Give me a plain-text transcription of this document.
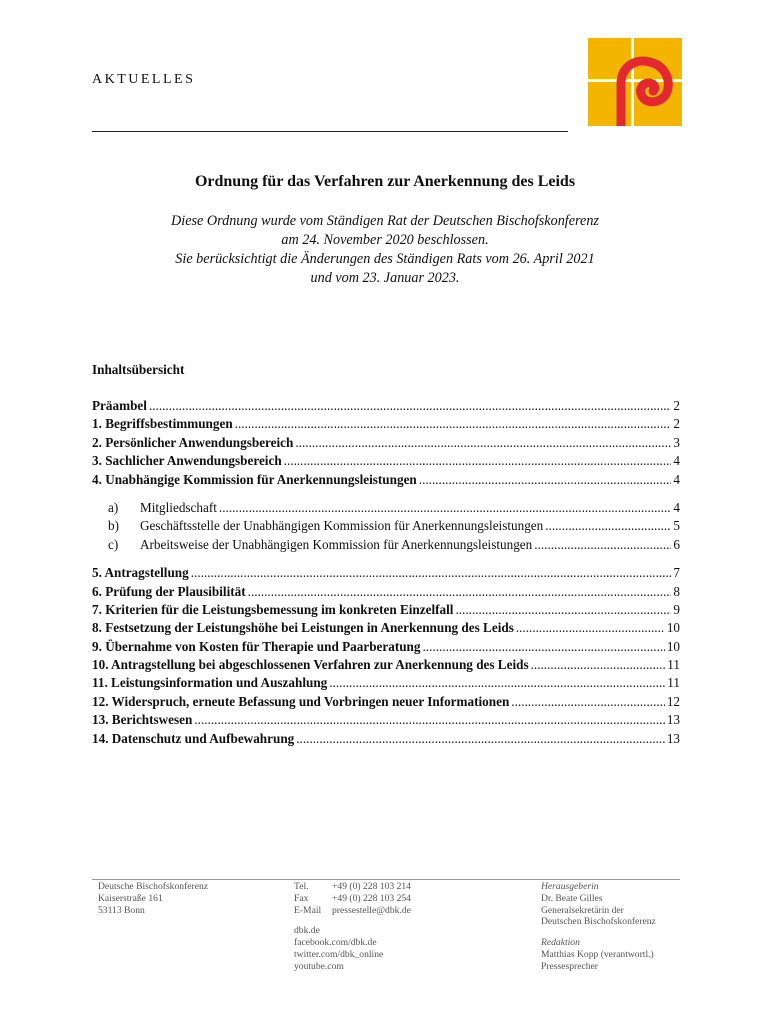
AKTUELLES
Ordnung für das Verfahren zur Anerkennung des Leids
Diese Ordnung wurde vom Ständigen Rat der Deutschen Bischofskonferenz
am 24. November 2020 beschlossen.
Sie berücksichtigt die Änderungen des Ständigen Rats vom 26. April 2021
und vom 23. Januar 2023.
Inhaltsübersicht
Präambel .....	2
1. Begriffsbestimmungen .....	2
2. Persönlicher Anwendungsbereich .....	3
3. Sachlicher Anwendungsbereich .....	4
4. Unabhängige Kommission für Anerkennungsleistungen .....	4
a)	Mitgliedschaft .....	4
b)	Geschäftsstelle der Unabhängigen Kommission für Anerkennungsleistungen .....	5
c)	Arbeitsweise der Unabhängigen Kommission für Anerkennungsleistungen .....	6
5. Antragstellung .....	7
6. Prüfung der Plausibilität .....	8
7. Kriterien für die Leistungsbemessung im konkreten Einzelfall .....	9
8. Festsetzung der Leistungshöhe bei Leistungen in Anerkennung des Leids .....	10
9. Übernahme von Kosten für Therapie und Paarberatung .....	10
10. Antragstellung bei abgeschlossenen Verfahren zur Anerkennung des Leids .....	11
11. Leistungsinformation und Auszahlung .....	11
12. Widerspruch, erneute Befassung und Vorbringen neuer Informationen .....	12
13. Berichtswesen .....	13
14. Datenschutz und Aufbewahrung .....	13
Deutsche Bischofskonferenz
Kaiserstraße 161
53113 Bonn
Tel.	+49 (0) 228 103 214
Fax	+49 (0) 228 103 254
E-Mail	pressestelle@dbk.de
dbk.de
facebook.com/dbk.de
twitter.com/dbk_online
youtube.com
Herausgeberin
Dr. Beate Gilles
Generalsekretärin der
Deutschen Bischofskonferenz
Redaktion
Matthias Kopp (verantwortl.)
Pressesprecher
